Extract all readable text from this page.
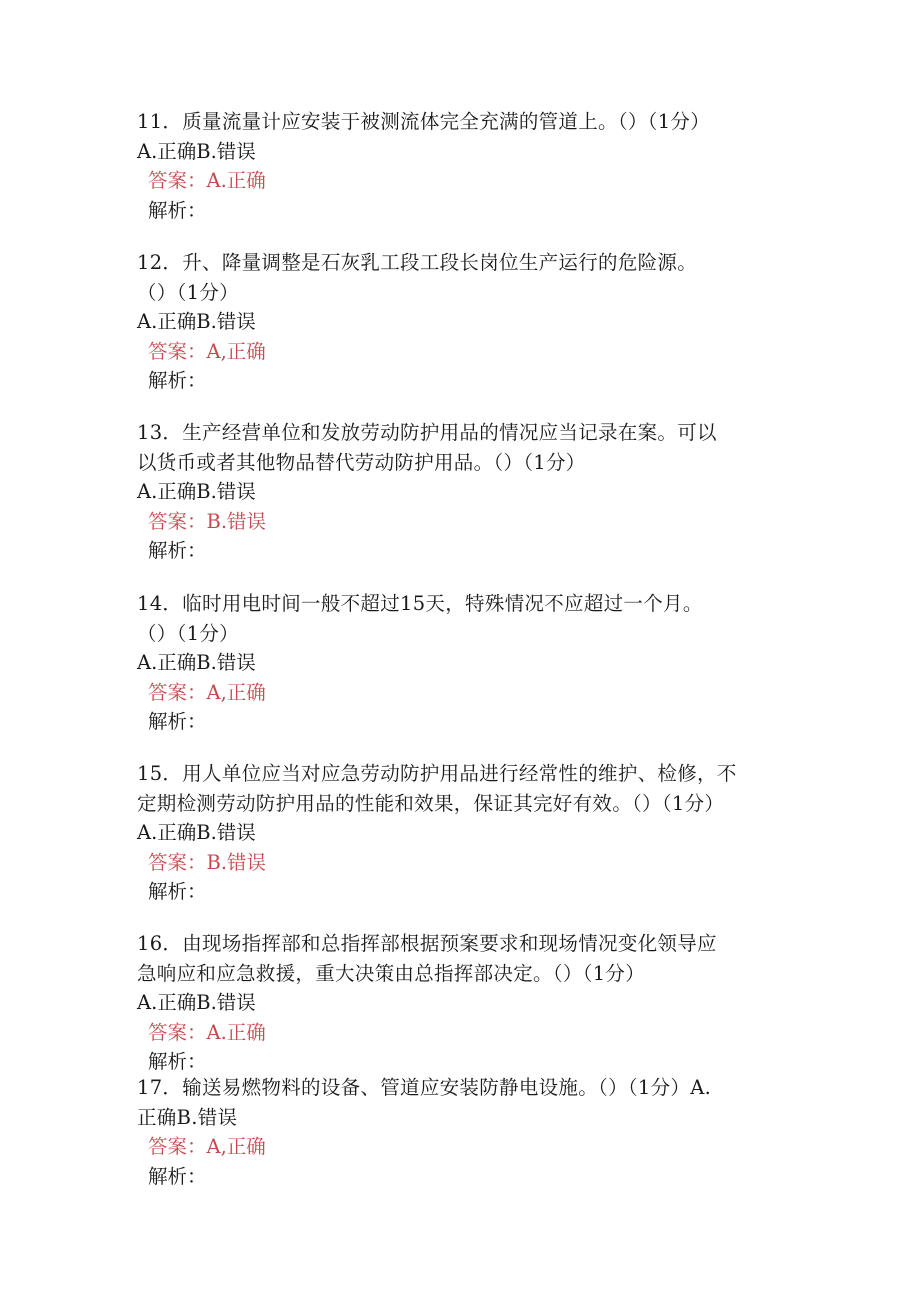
11．质量流量计应安装于被测流体完全充满的管道上。（）（1分）
A.正确B.错误
答案：A.正确
解析：
12．升、降量调整是石灰乳工段工段长岗位生产运行的危险源。
（）（1分）
A.正确B.错误
答案：A,正确
解析：
13．生产经营单位和发放劳动防护用品的情况应当记录在案。可以
以货币或者其他物品替代劳动防护用品。（）（1分）
A.正确B.错误
答案：B.错误
解析：
14．临时用电时间一般不超过15天，特殊情况不应超过一个月。
（）（1分）
A.正确B.错误
答案：A,正确
解析：
15．用人单位应当对应急劳动防护用品进行经常性的维护、检修，不
定期检测劳动防护用品的性能和效果，保证其完好有效。（）（1分）
A.正确B.错误
答案：B.错误
解析：
16．由现场指挥部和总指挥部根据预案要求和现场情况变化领导应
急响应和应急救援，重大决策由总指挥部决定。（）（1分）
A.正确B.错误
答案：A.正确
解析：
17．输送易燃物料的设备、管道应安装防静电设施。（）（1分）A.
正确B.错误
答案：A,正确
解析：
